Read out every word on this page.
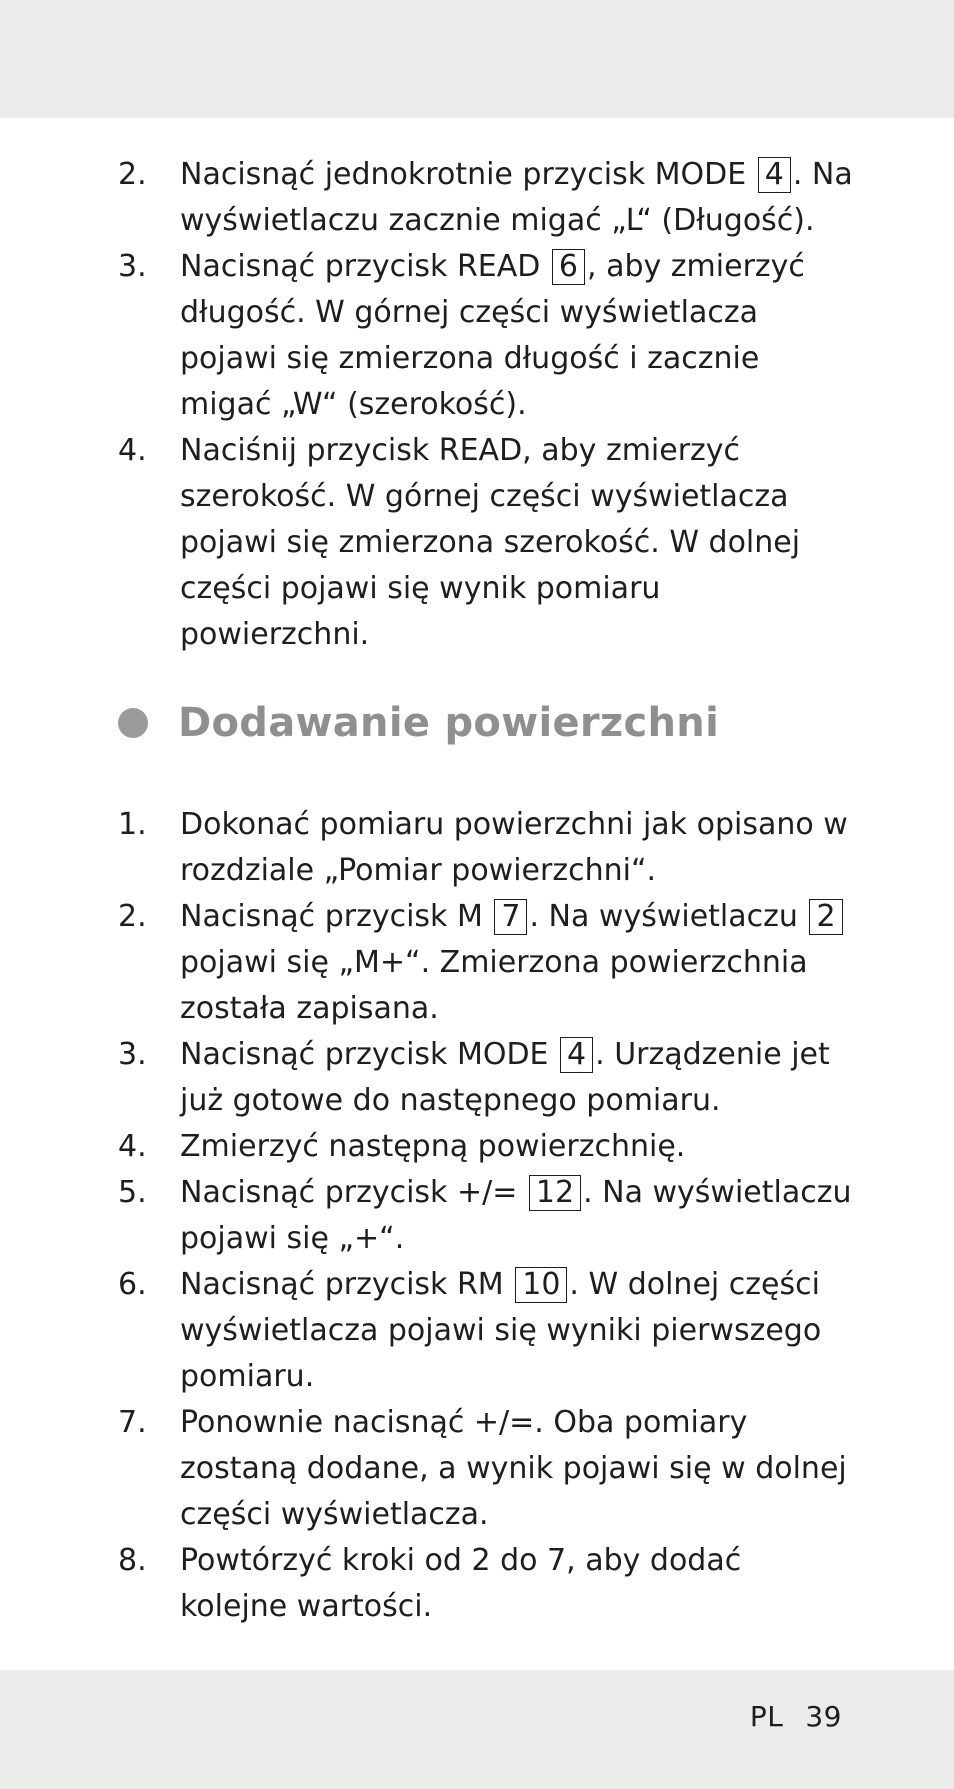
2. Nacisnąć jednokrotnie przycisk MODE 4 . Na wyświetlaczu zacznie migać „L“ (Długość).
3. Nacisnąć przycisk READ 6 , aby zmierzyć długość. W górnej części wyświetlacza pojawi się zmierzona długość i zacznie migać „W“ (szerokość).
4. Naciśnij przycisk READ, aby zmierzyć szerokość. W górnej części wyświetlacza pojawi się zmierzona szerokość. W dolnej części pojawi się wynik pomiaru powierzchni.
Dodawanie powierzchni
1. Dokonać pomiaru powierzchni jak opisano w rozdziale „Pomiar powierzchni“.
2. Nacisnąć przycisk M 7 . Na wyświetlaczu 2 pojawi się „M+“. Zmierzona powierzchnia została zapisana.
3. Nacisnąć przycisk MODE 4 . Urządzenie jet już gotowe do następnego pomiaru.
4. Zmierzyć następną powierzchnię.
5. Nacisnąć przycisk +/= 12 . Na wyświetlaczu pojawi się „+“.
6. Nacisnąć przycisk RM 10 . W dolnej części wyświetlacza pojawi się wyniki pierwszego pomiaru.
7. Ponownie nacisnąć +/=. Oba pomiary zostaną dodane, a wynik pojawi się w dolnej części wyświetlacza.
8. Powtórzyć kroki od 2 do 7, aby dodać kolejne wartości.
PL 39
